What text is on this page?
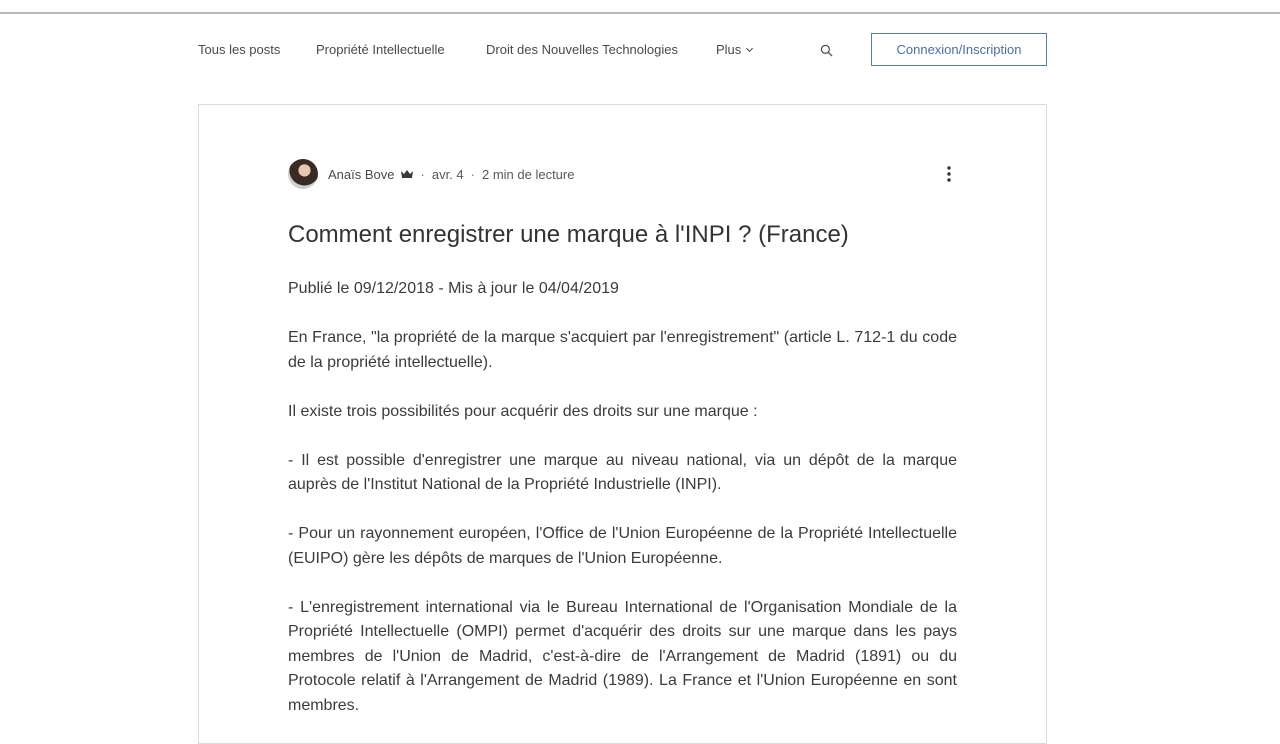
Tous les posts	Propriété Intellectuelle	Droit des Nouvelles Technologies	Plus	Connexion/Inscription
Anaïs Bove · avr. 4 · 2 min de lecture
Comment enregistrer une marque à l'INPI ? (France)

Publié le 09/12/2018 - Mis à jour le 04/04/2019

En France, "la propriété de la marque s'acquiert par l'enregistrement" (article L. 712-1 du code de la propriété intellectuelle).

Il existe trois possibilités pour acquérir des droits sur une marque :

- Il est possible d'enregistrer une marque au niveau national, via un dépôt de la marque auprès de l'Institut National de la Propriété Industrielle (INPI).

- Pour un rayonnement européen, l'Office de l'Union Européenne de la Propriété Intellectuelle (EUIPO) gère les dépôts de marques de l'Union Européenne.

- L'enregistrement international via le Bureau International de l'Organisation Mondiale de la Propriété Intellectuelle (OMPI) permet d'acquérir des droits sur une marque dans les pays membres de l'Union de Madrid, c'est-à-dire de l'Arrangement de Madrid (1891) ou du Protocole relatif à l'Arrangement de Madrid (1989). La France et l'Union Européenne en sont membres.
